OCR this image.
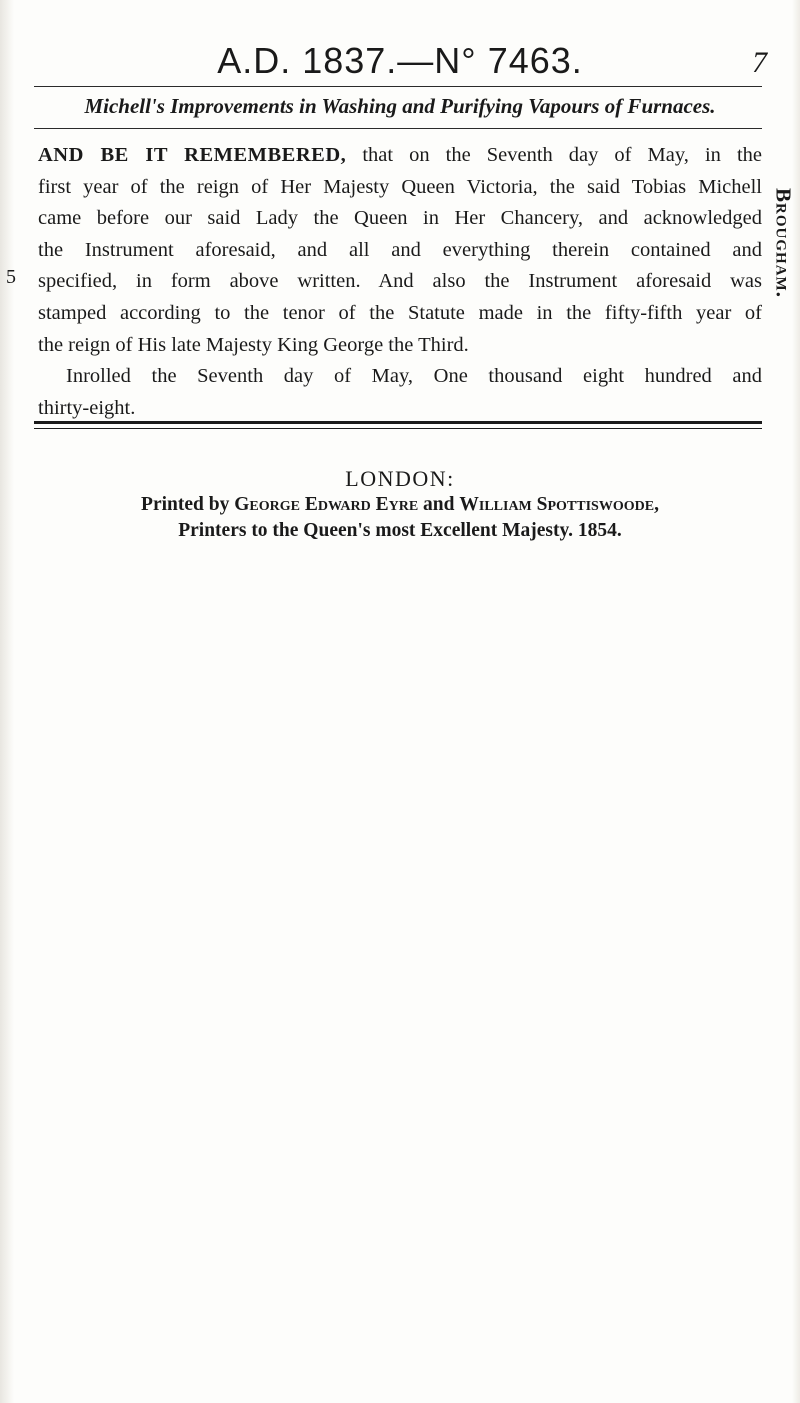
A.D. 1837.—N° 7463.	7
Michell's Improvements in Washing and Purifying Vapours of Furnaces.
AND BE IT REMEMBERED, that on the Seventh day of May, in the
first year of the reign of Her Majesty Queen Victoria, the said Tobias Michell
came before our said Lady the Queen in Her Chancery, and acknowledged
the Instrument aforesaid, and all and everything therein contained and
specified, in form above written. And also the Instrument aforesaid was
stamped according to the tenor of the Statute made in the fifty-fifth year of
the reign of His late Majesty King George the Third.
Inrolled the Seventh day of May, One thousand eight hundred and
thirty-eight.
5	Brougham.
LONDON:
Printed by George Edward Eyre and William Spottiswoode,
Printers to the Queen's most Excellent Majesty. 1854.
